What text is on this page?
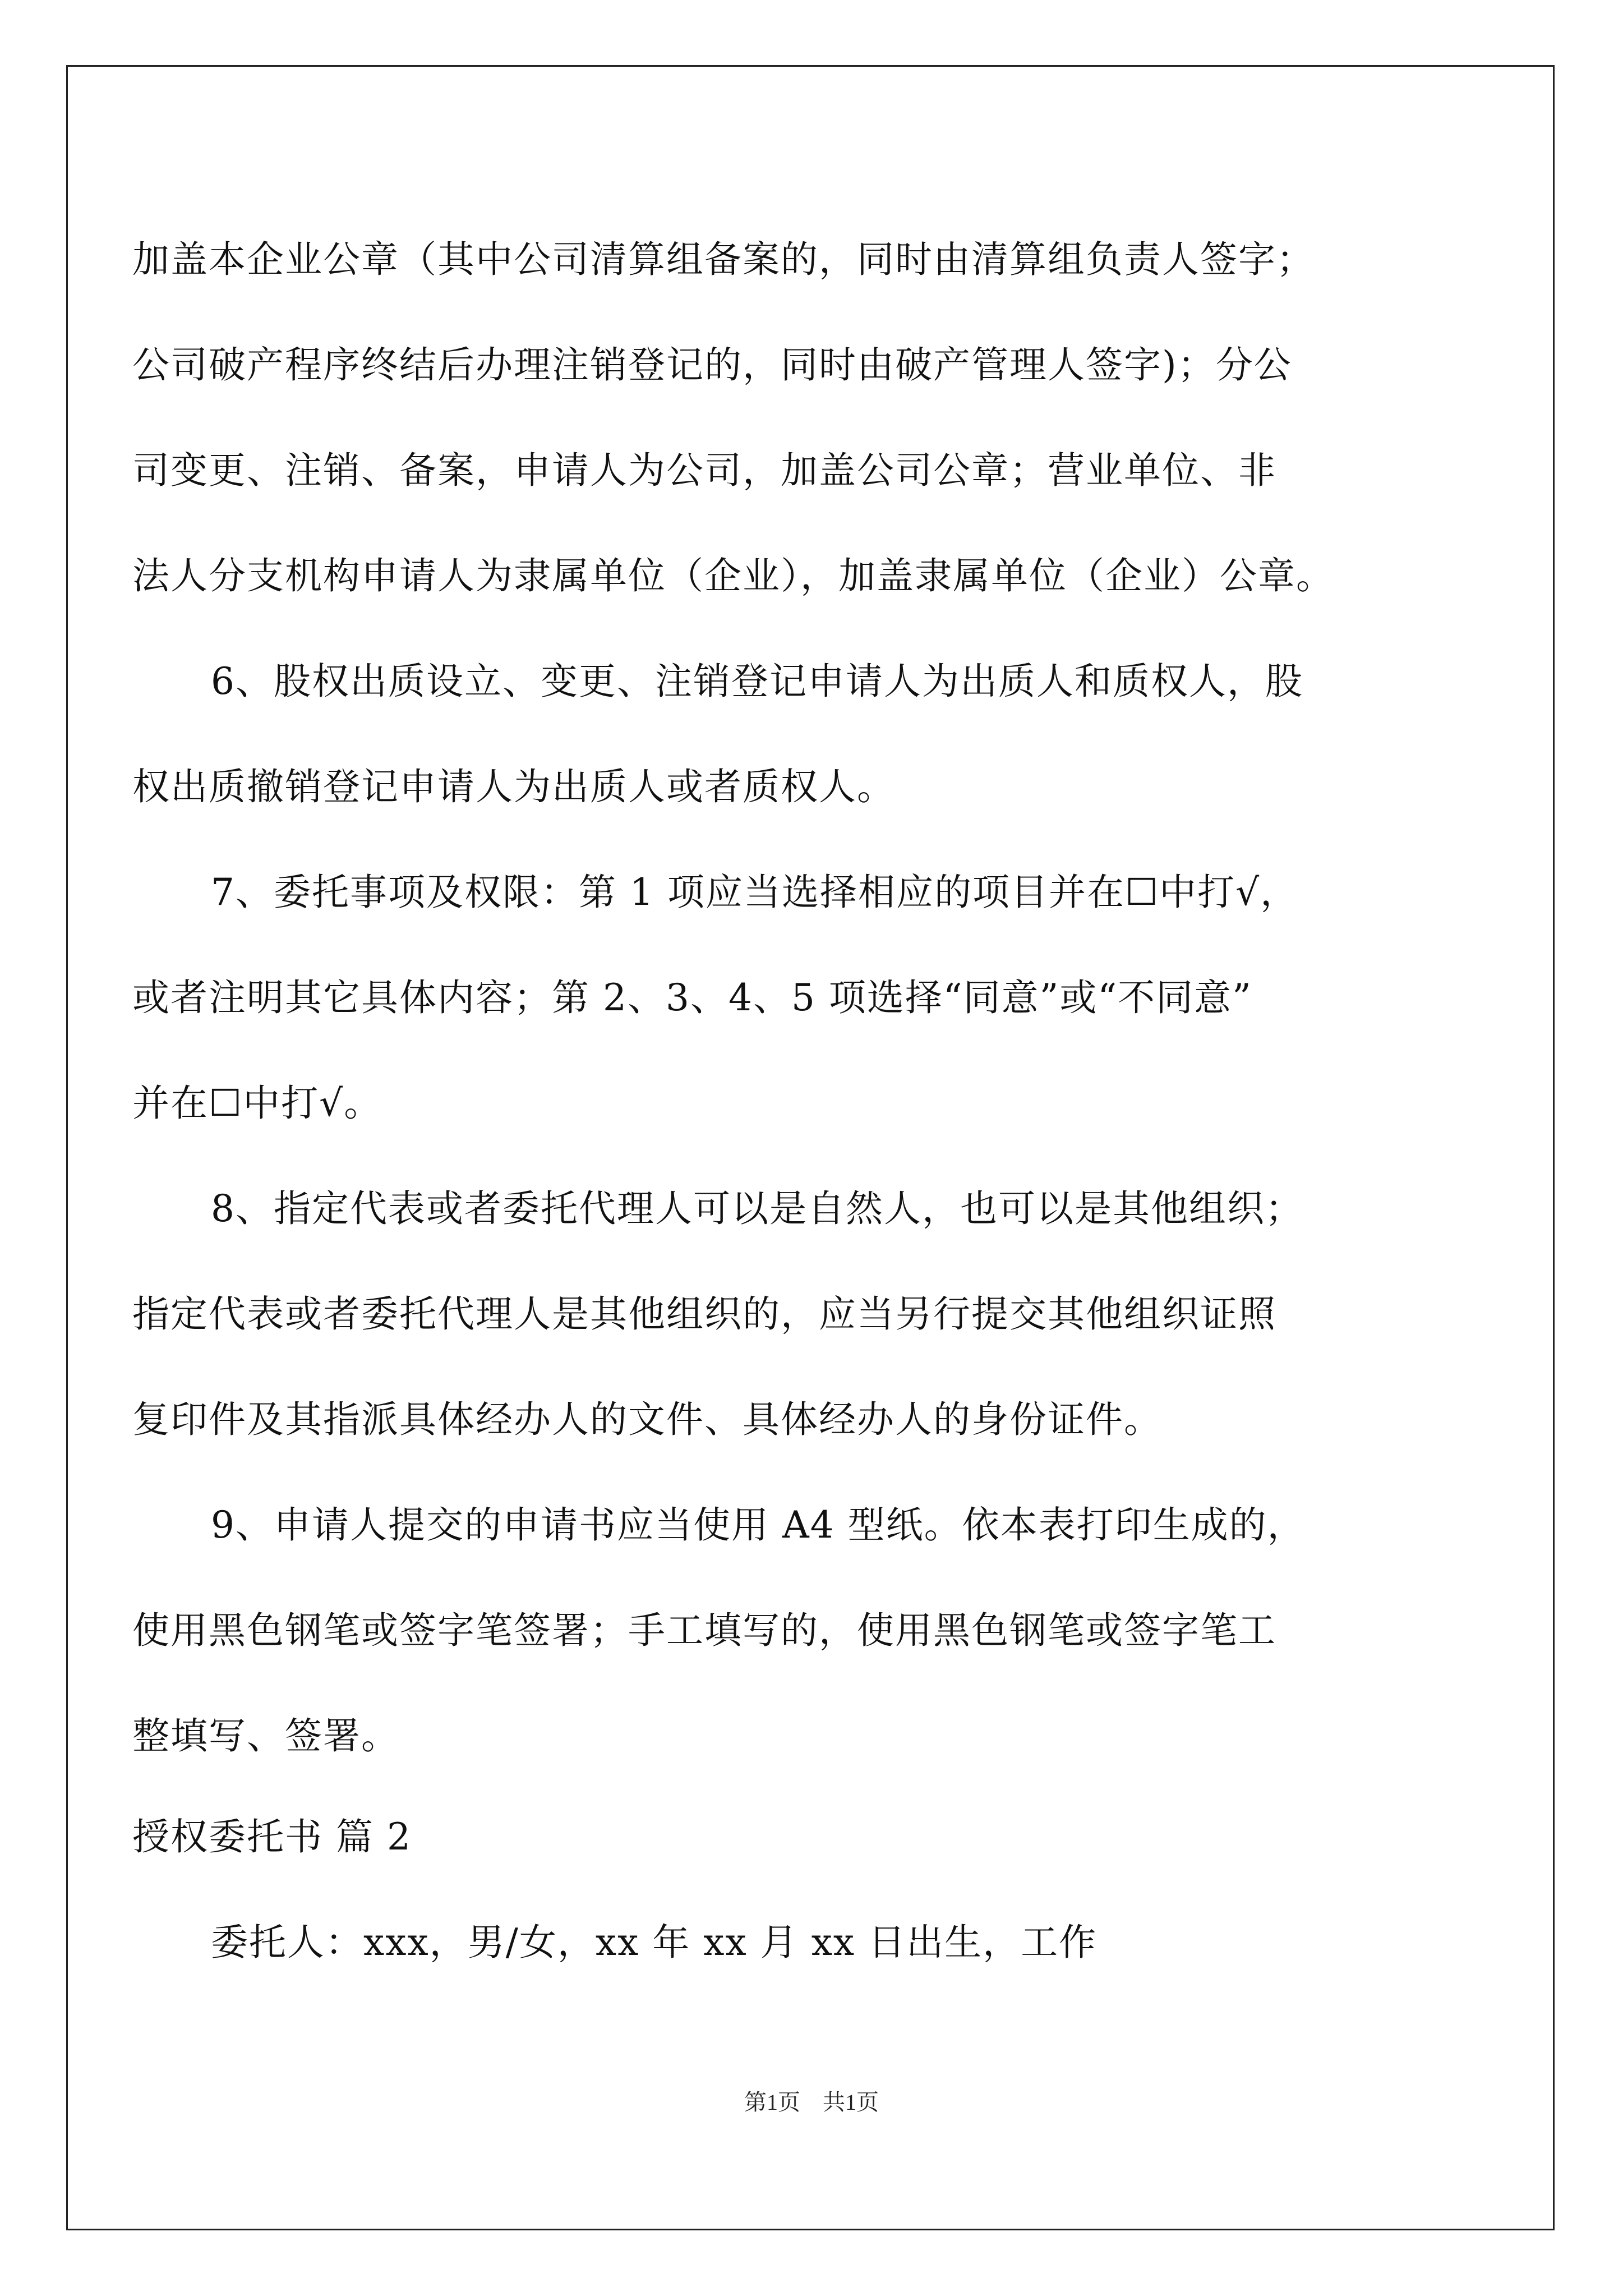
加盖本企业公章（其中公司清算组备案的，同时由清算组负责人签字；
公司破产程序终结后办理注销登记的，同时由破产管理人签字)；分公
司变更、注销、备案，申请人为公司，加盖公司公章；营业单位、非
法人分支机构申请人为隶属单位（企业），加盖隶属单位（企业）公章。
6、股权出质设立、变更、注销登记申请人为出质人和质权人，股
权出质撤销登记申请人为出质人或者质权人。
7、委托事项及权限：第 1 项应当选择相应的项目并在☐中打√，
或者注明其它具体内容；第 2、3、4、5 项选择“同意”或“不同意”
并在☐中打√。
8、指定代表或者委托代理人可以是自然人，也可以是其他组织；
指定代表或者委托代理人是其他组织的，应当另行提交其他组织证照
复印件及其指派具体经办人的文件、具体经办人的身份证件。
9、申请人提交的申请书应当使用 A4 型纸。依本表打印生成的，
使用黑色钢笔或签字笔签署；手工填写的，使用黑色钢笔或签字笔工
整填写、签署。
授权委托书 篇 2
委托人：xxx，男/女，xx 年 xx 月 xx 日出生，工作
第1页　共1页
